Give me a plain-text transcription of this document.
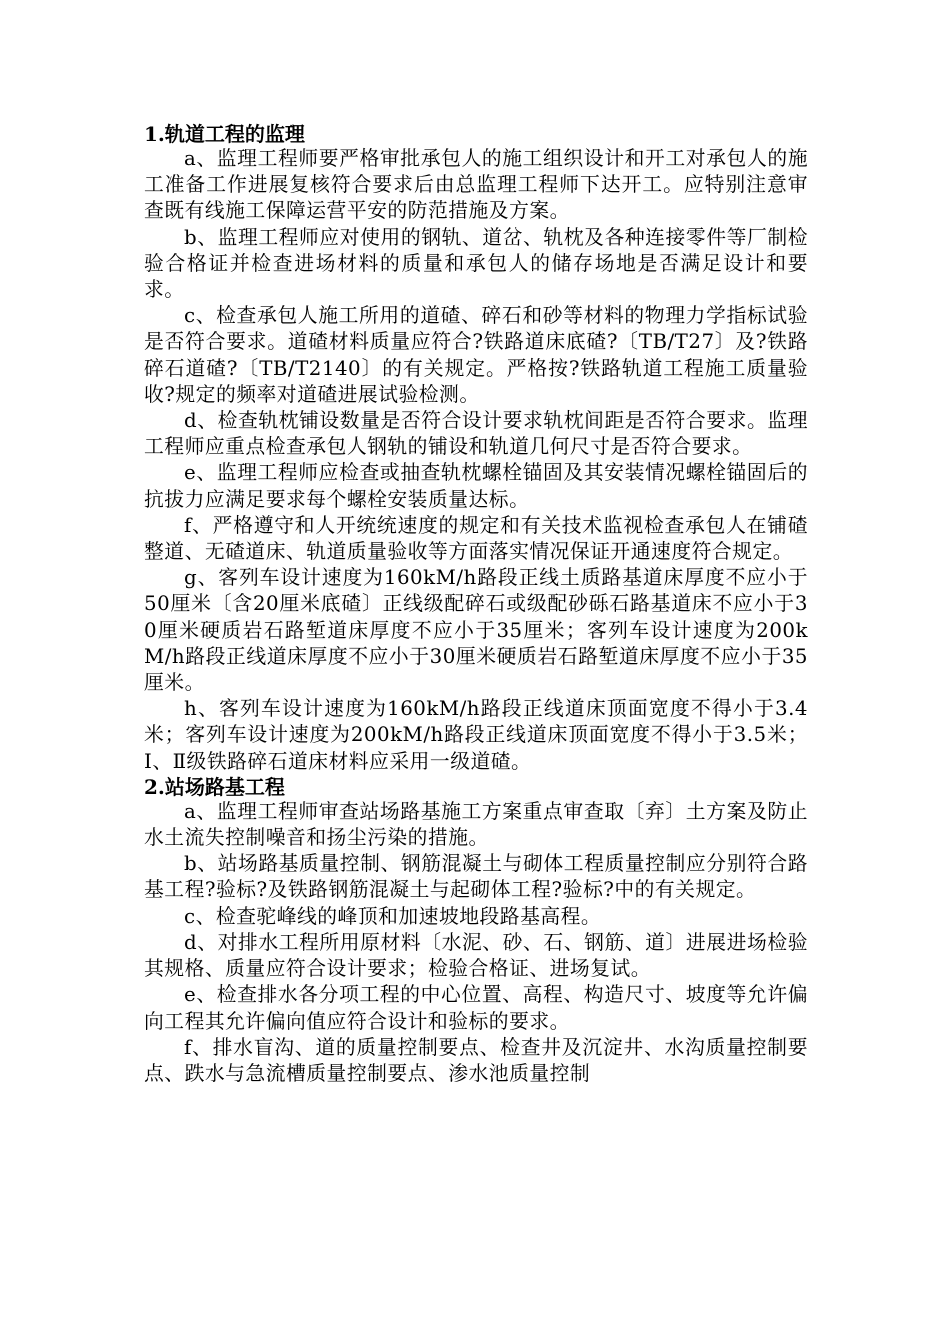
1.轨道工程的监理

a、监理工程师要严格审批承包人的施工组织设计和开工对承包人的施工准备工作进展复核符合要求后由总监理工程师下达开工。应特别注意审查既有线施工保障运营平安的防范措施及方案。

b、监理工程师应对使用的钢轨、道岔、轨枕及各种连接零件等厂制检验合格证并检查进场材料的质量和承包人的储存场地是否满足设计和要求。

c、检查承包人施工所用的道碴、碎石和砂等材料的物理力学指标试验是否符合要求。道碴材料质量应符合?铁路道床底碴?〔TB/T27〕及?铁路碎石道碴?〔TB/T2140〕的有关规定。严格按?铁路轨道工程施工质量验收?规定的频率对道碴进展试验检测。

d、检查轨枕铺设数量是否符合设计要求轨枕间距是否符合要求。监理工程师应重点检查承包人钢轨的铺设和轨道几何尺寸是否符合要求。

e、监理工程师应检查或抽查轨枕螺栓锚固及其安装情况螺栓锚固后的抗拔力应满足要求每个螺栓安装质量达标。

f、严格遵守和人开统统速度的规定和有关技术监视检查承包人在铺碴整道、无碴道床、轨道质量验收等方面落实情况保证开通速度符合规定。

g、客列车设计速度为160kM/h路段正线土质路基道床厚度不应小于50厘米〔含20厘米底碴〕正线级配碎石或级配砂砾石路基道床不应小于30厘米硬质岩石路堑道床厚度不应小于35厘米；客列车设计速度为200kM/h路段正线道床厚度不应小于30厘米硬质岩石路堑道床厚度不应小于35厘米。

h、客列车设计速度为160kM/h路段正线道床顶面宽度不得小于3.4米；客列车设计速度为200kM/h路段正线道床顶面宽度不得小于3.5米；Ⅰ、Ⅱ级铁路碎石道床材料应采用一级道碴。

2.站场路基工程

a、监理工程师审查站场路基施工方案重点审查取〔弃〕土方案及防止水土流失控制噪音和扬尘污染的措施。

b、站场路基质量控制、钢筋混凝土与砌体工程质量控制应分别符合路基工程?验标?及铁路钢筋混凝土与起砌体工程?验标?中的有关规定。

c、检查驼峰线的峰顶和加速坡地段路基高程。

d、对排水工程所用原材料〔水泥、砂、石、钢筋、道〕进展进场检验其规格、质量应符合设计要求；检验合格证、进场复试。

e、检查排水各分项工程的中心位置、高程、构造尺寸、坡度等允许偏向工程其允许偏向值应符合设计和验标的要求。

f、排水盲沟、道的质量控制要点、检查井及沉淀井、水沟质量控制要点、跌水与急流槽质量控制要点、渗水池质量控制
